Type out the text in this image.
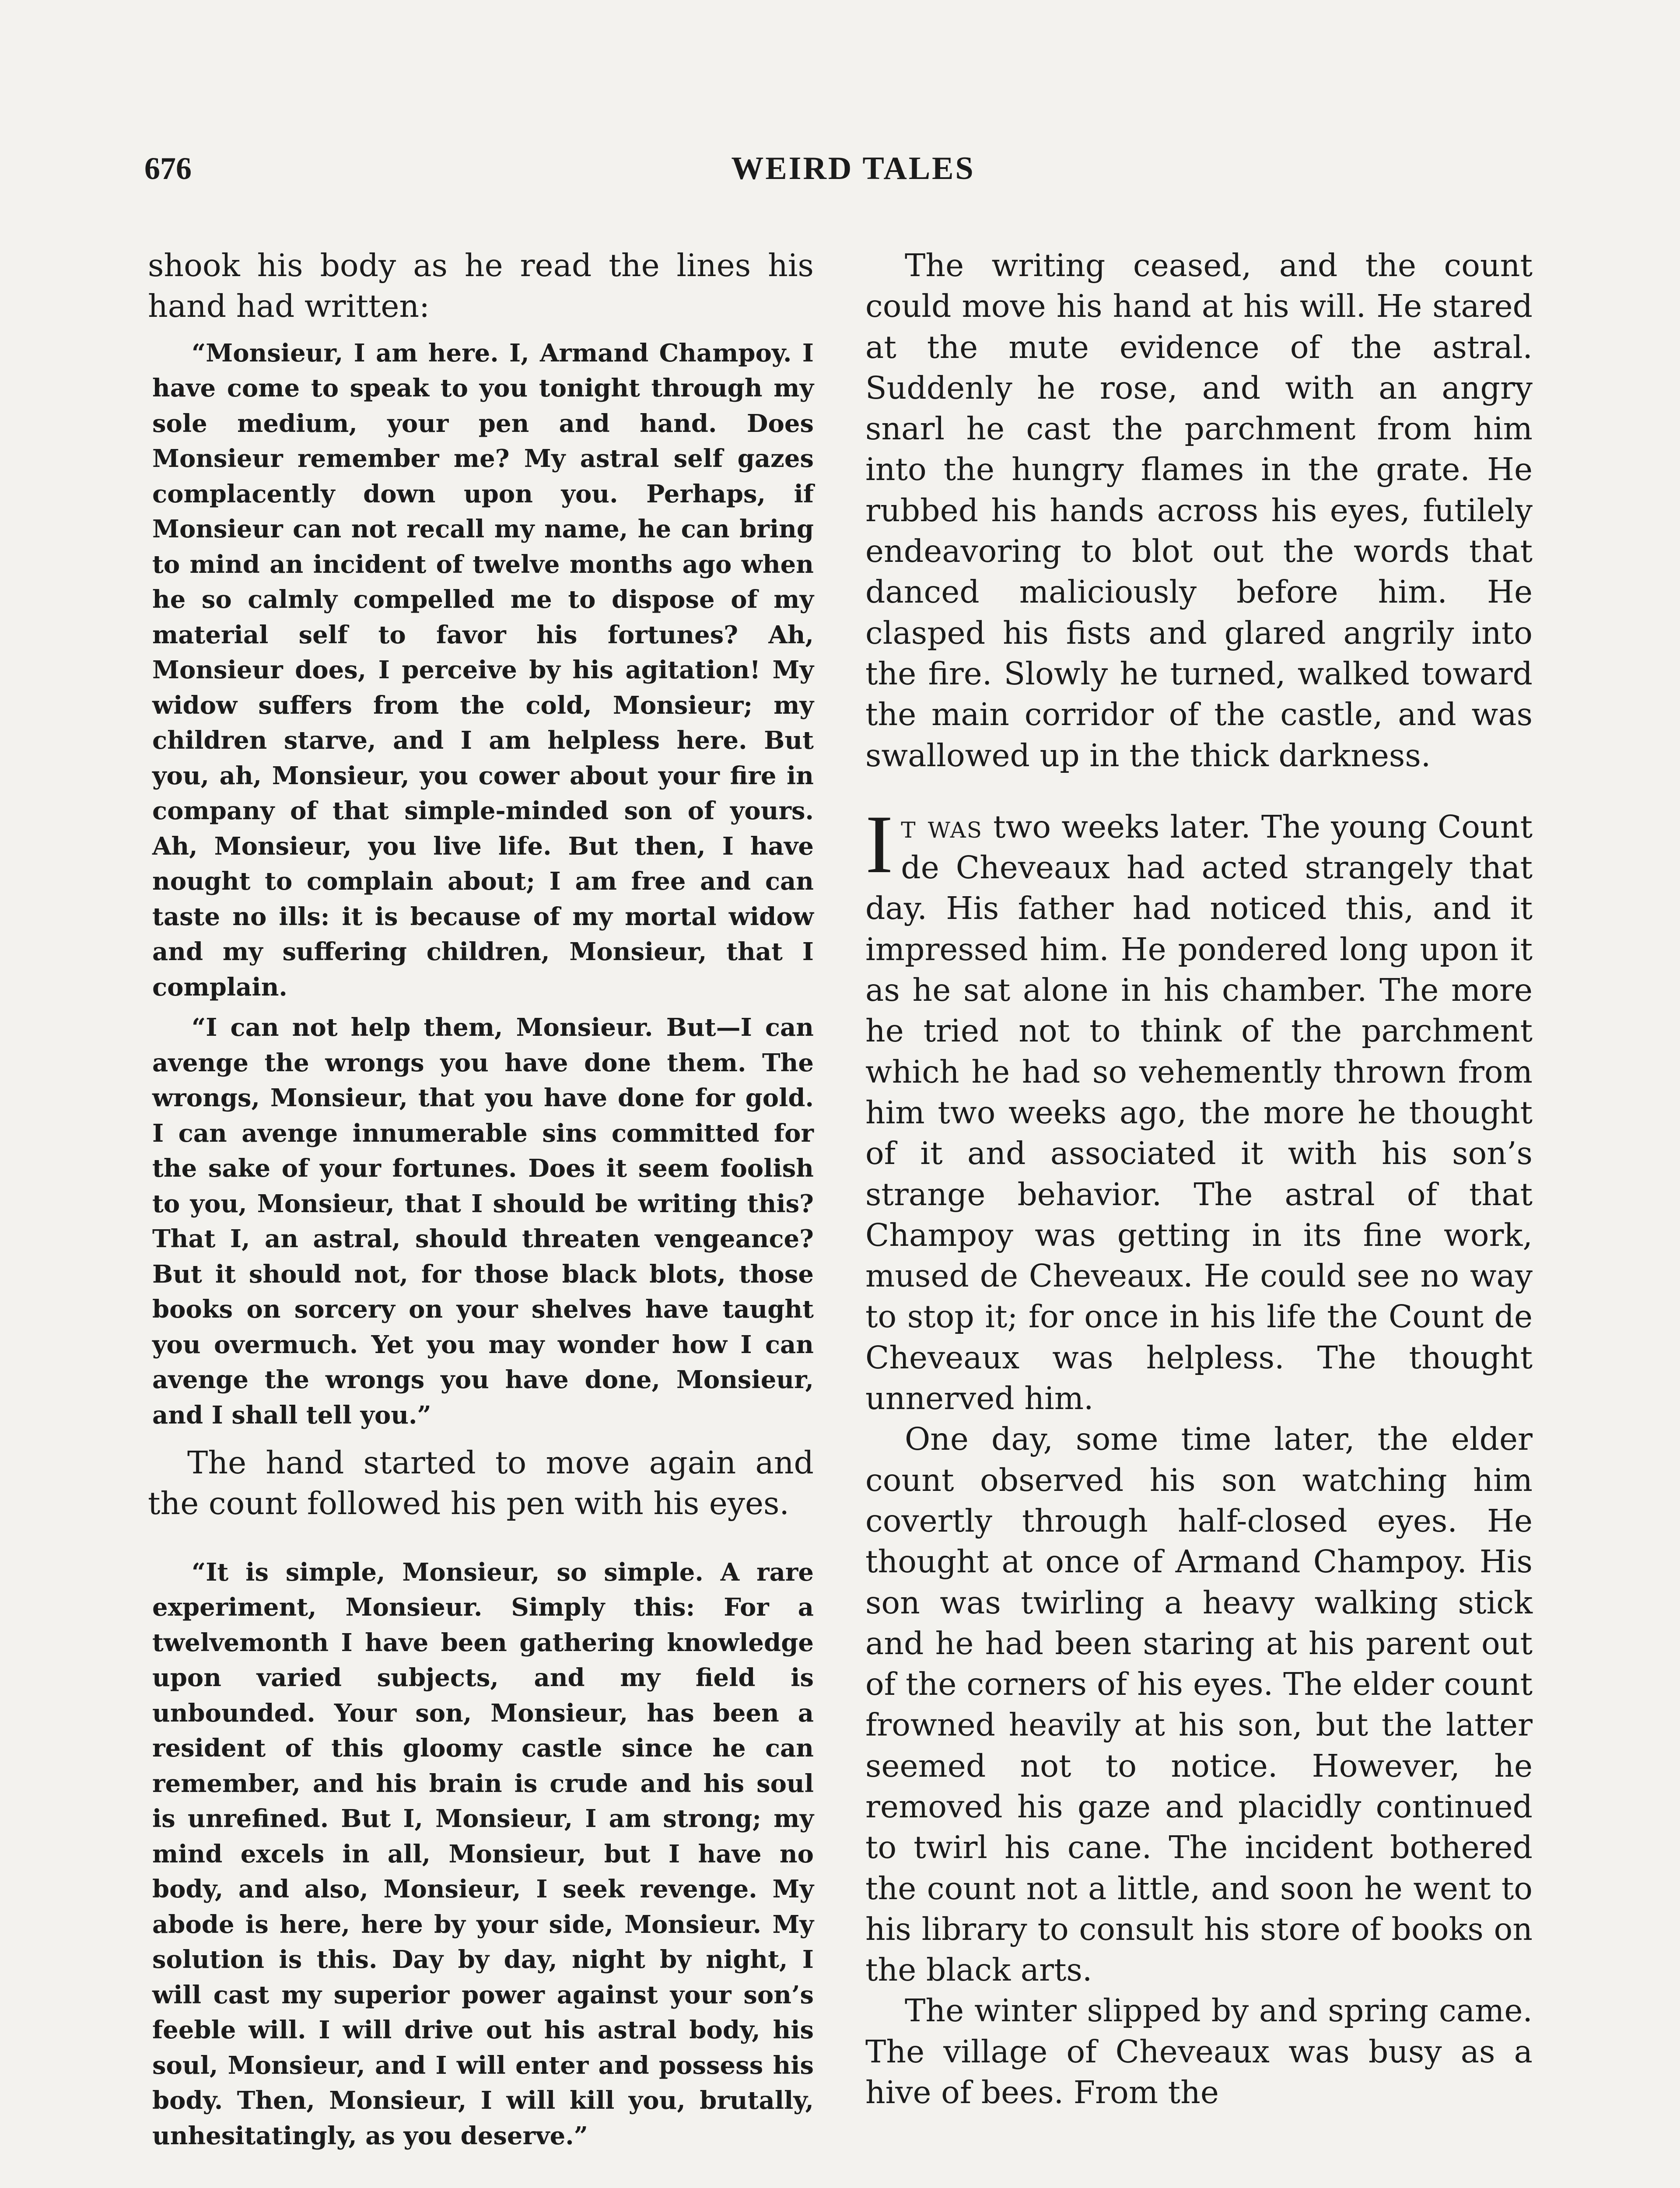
676	WEIRD TALES

shook his body as he read the lines his hand had written:

“Monsieur, I am here. I, Armand Champoy. I have come to speak to you tonight through my sole medium, your pen and hand. Does Monsieur remember me? My astral self gazes complacently down upon you. Perhaps, if Monsieur can not recall my name, he can bring to mind an incident of twelve months ago when he so calmly compelled me to dispose of my material self to favor his fortunes? Ah, Monsieur does, I perceive by his agitation! My widow suffers from the cold, Monsieur; my children starve, and I am helpless here. But you, ah, Monsieur, you cower about your fire in company of that simple-minded son of yours. Ah, Monsieur, you live life. But then, I have nought to complain about; I am free and can taste no ills: it is because of my mortal widow and my suffering children, Monsieur, that I complain.

“I can not help them, Monsieur. But—I can avenge the wrongs you have done them. The wrongs, Monsieur, that you have done for gold. I can avenge innumerable sins committed for the sake of your fortunes. Does it seem foolish to you, Monsieur, that I should be writing this? That I, an astral, should threaten vengeance? But it should not, for those black blots, those books on sorcery on your shelves have taught you overmuch. Yet you may wonder how I can avenge the wrongs you have done, Monsieur, and I shall tell you.”

The hand started to move again and the count followed his pen with his eyes.

“It is simple, Monsieur, so simple. A rare experiment, Monsieur. Simply this: For a twelvemonth I have been gathering knowledge upon varied subjects, and my field is unbounded. Your son, Monsieur, has been a resident of this gloomy castle since he can remember, and his brain is crude and his soul is unrefined. But I, Monsieur, I am strong; my mind excels in all, Monsieur, but I have no body, and also, Monsieur, I seek revenge. My abode is here, here by your side, Monsieur. My solution is this. Day by day, night by night, I will cast my superior power against your son’s feeble will. I will drive out his astral body, his soul, Monsieur, and I will enter and possess his body. Then, Monsieur, I will kill you, brutally, unhesitatingly, as you deserve.”

The writing ceased, and the count could move his hand at his will. He stared at the mute evidence of the astral. Suddenly he rose, and with an angry snarl he cast the parchment from him into the hungry flames in the grate. He rubbed his hands across his eyes, futilely endeavoring to blot out the words that danced maliciously before him. He clasped his fists and glared angrily into the fire. Slowly he turned, walked toward the main corridor of the castle, and was swallowed up in the thick darkness.

It was two weeks later. The young Count de Cheveaux had acted strangely that day. His father had noticed this, and it impressed him. He pondered long upon it as he sat alone in his chamber. The more he tried not to think of the parchment which he had so vehemently thrown from him two weeks ago, the more he thought of it and associated it with his son’s strange behavior. The astral of that Champoy was getting in its fine work, mused de Cheveaux. He could see no way to stop it; for once in his life the Count de Cheveaux was helpless. The thought unnerved him.

One day, some time later, the elder count observed his son watching him covertly through half-closed eyes. He thought at once of Armand Champoy. His son was twirling a heavy walking stick and he had been staring at his parent out of the corners of his eyes. The elder count frowned heavily at his son, but the latter seemed not to notice. However, he removed his gaze and placidly continued to twirl his cane. The incident bothered the count not a little, and soon he went to his library to consult his store of books on the black arts.

The winter slipped by and spring came. The village of Cheveaux was busy as a hive of bees. From the
